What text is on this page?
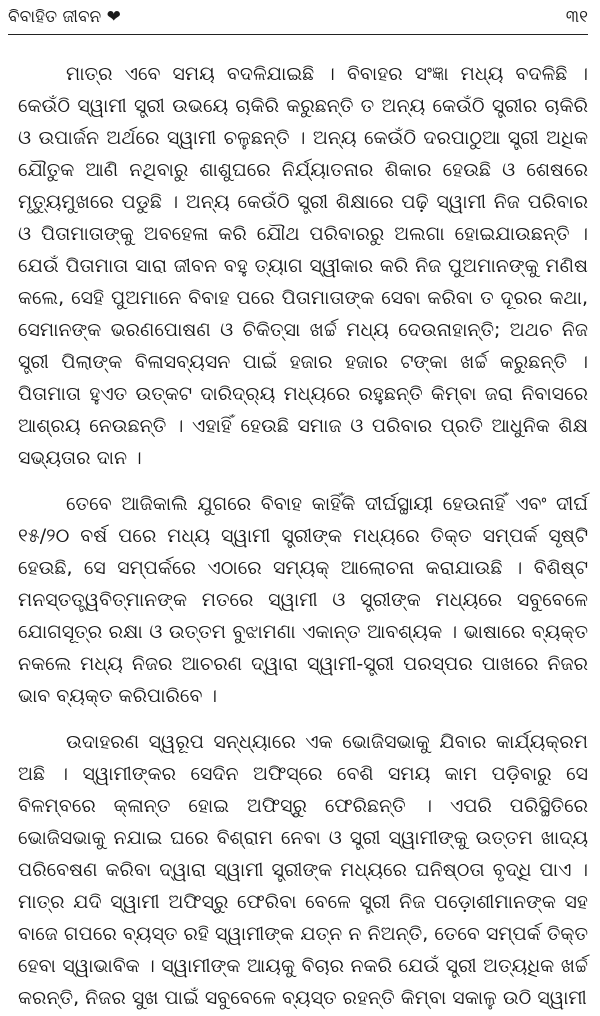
ବିବାହିତ ଜୀବନ ❤	୩୧

ମାତ୍ର ଏବେ ସମୟ ବଦଳିଯାଇଛି । ବିବାହର ସଂଜ୍ଞା ମଧ୍ୟ ବଦଳିଛି । କେଉଁଠି ସ୍ୱାମୀ ସ୍ତ୍ରୀ ଉଭୟେ ଚାକିରି କରୁଛନ୍ତି ତ ଅନ୍ୟ କେଉଁଠି ସ୍ତ୍ରୀର ଚାକିରି ଓ ଉପାର୍ଜନ ଅର୍ଥରେ ସ୍ୱାମୀ ଚଳୁଛନ୍ତି । ଅନ୍ୟ କେଉଁଠି ଦରପାଠୁଆ ସ୍ତ୍ରୀ ଅଧିକ ଯୌତୁକ ଆଣି ନଥିବାରୁ ଶାଶୁଘରେ ନିର୍ଯ୍ୟାତନାର ଶିକାର ହେଉଛି ଓ ଶେଷରେ ମୃତ୍ୟୁମୁଖରେ ପଡୁଛି । ଅନ୍ୟ କେଉଁଠି ସ୍ତ୍ରୀ ଶିକ୍ଷାରେ ପଢ଼ି ସ୍ୱାମୀ ନିଜ ପରିବାର ଓ ପିତାମାତାଙ୍କୁ ଅବହେଳା କରି ଯୌଥ ପରିବାରରୁ ଅଲଗା ହୋଇଯାଉଛନ୍ତି । ଯେଉଁ ପିତାମାତା ସାରା ଜୀବନ ବହୁ ତ୍ୟାଗ ସ୍ୱୀକାର କରି ନିଜ ପୁଅମାନଙ୍କୁ ମଣିଷ କଲେ, ସେହି ପୁଅମାନେ ବିବାହ ପରେ ପିତାମାତାଙ୍କ ସେବା କରିବା ତ ଦୂରର କଥା, ସେମାନଙ୍କ ଭରଣପୋଷଣ ଓ ଚିକିତ୍ସା ଖର୍ଚ୍ଚ ମଧ୍ୟ ଦେଉନାହାନ୍ତି; ଅଥଚ ନିଜ ସ୍ତ୍ରୀ ପିଲାଙ୍କ ବିଳାସବ୍ୟସନ ପାଇଁ ହଜାର ହଜାର ଟଙ୍କା ଖର୍ଚ୍ଚ କରୁଛନ୍ତି । ପିତାମାତା ହୁଏତ ଉତ୍କଟ ଦାରିଦ୍ର୍ୟ ମଧ୍ୟରେ ରହୁଛନ୍ତି କିମ୍ବା ଜରା ନିବାସରେ ଆଶ୍ରୟ ନେଉଛନ୍ତି । ଏହାହିଁ ହେଉଛି ସମାଜ ଓ ପରିବାର ପ୍ରତି ଆଧୁନିକ ଶିକ୍ଷ ସଭ୍ୟତାର ଦାନ ।

ତେବେ ଆଜିକାଲି ଯୁଗରେ ବିବାହ କାହିଁକି ଦୀର୍ଘସ୍ଥାୟୀ ହେଉନାହିଁ ଏବଂ ଦୀର୍ଘ ୧୫/୨୦ ବର୍ଷ ପରେ ମଧ୍ୟ ସ୍ୱାମୀ ସ୍ତ୍ରୀଙ୍କ ମଧ୍ୟରେ ତିକ୍ତ ସମ୍ପର୍କ ସୃଷ୍ଟି ହେଉଛି, ସେ ସମ୍ପର୍କରେ ଏଠାରେ ସମ୍ୟକ୍ ଆଲୋଚନା କରାଯାଉଛି । ବିଶିଷ୍ଟ ମନସ୍ତତ୍ତ୍ୱବିତ୍‌ମାନଙ୍କ ମତରେ ସ୍ୱାମୀ ଓ ସ୍ତ୍ରୀଙ୍କ ମଧ୍ୟରେ ସବୁବେଳେ ଯୋଗସୂତ୍ର ରକ୍ଷା ଓ ଉତ୍ତମ ବୁଝାମଣା ଏକାନ୍ତ ଆବଶ୍ୟକ । ଭାଷାରେ ବ୍ୟକ୍ତ ନକଲେ ମଧ୍ୟ ନିଜର ଆଚରଣ ଦ୍ୱାରା ସ୍ୱାମୀ-ସ୍ତ୍ରୀ ପରସ୍ପର ପାଖରେ ନିଜର ଭାବ ବ୍ୟକ୍ତ କରିପାରିବେ ।

ଉଦାହରଣ ସ୍ୱରୂପ ସନ୍ଧ୍ୟାରେ ଏକ ଭୋଜିସଭାକୁ ଯିବାର କାର୍ଯ୍ୟକ୍ରମ ଅଛି । ସ୍ୱାମୀଙ୍କର ସେଦିନ ଅଫିସ୍‌ରେ ବେଶି ସମୟ କାମ ପଡ଼ିବାରୁ ସେ ବିଳମ୍ବରେ କ୍ଳାନ୍ତ ହୋଇ ଅଫିସ୍‌ରୁ ଫେରିଛନ୍ତି । ଏପରି ପରିସ୍ଥିତିରେ ଭୋଜିସଭାକୁ ନଯାଇ ଘରେ ବିଶ୍ରାମ ନେବା ଓ ସ୍ତ୍ରୀ ସ୍ୱାମୀଙ୍କୁ ଉତ୍ତମ ଖାଦ୍ୟ ପରିବେଷଣ କରିବା ଦ୍ୱାରା ସ୍ୱାମୀ ସ୍ତ୍ରୀଙ୍କ ମଧ୍ୟରେ ଘନିଷ୍ଠତା ବୃଦ୍ଧି ପାଏ । ମାତ୍ର ଯଦି ସ୍ୱାମୀ ଅଫିସ୍‌ରୁ ଫେରିବା ବେଳେ ସ୍ତ୍ରୀ ନିଜ ପଡ଼ୋଶୀମାନଙ୍କ ସହ ବାଜେ ଗପରେ ବ୍ୟସ୍ତ ରହି ସ୍ୱାମୀଙ୍କ ଯତ୍ନ ନ ନିଅନ୍ତି, ତେବେ ସମ୍ପର୍କ ତିକ୍ତ ହେବା ସ୍ୱାଭାବିକ । ସ୍ୱାମୀଙ୍କ ଆୟକୁ ବିଚାର ନକରି ଯେଉଁ ସ୍ତ୍ରୀ ଅତ୍ୟଧିକ ଖର୍ଚ୍ଚ କରନ୍ତି, ନିଜର ସୁଖ ପାଇଁ ସବୁବେଳେ ବ୍ୟସ୍ତ ରହନ୍ତି କିମ୍ବା ସକାଳୁ ଉଠି ସ୍ୱାମୀ
